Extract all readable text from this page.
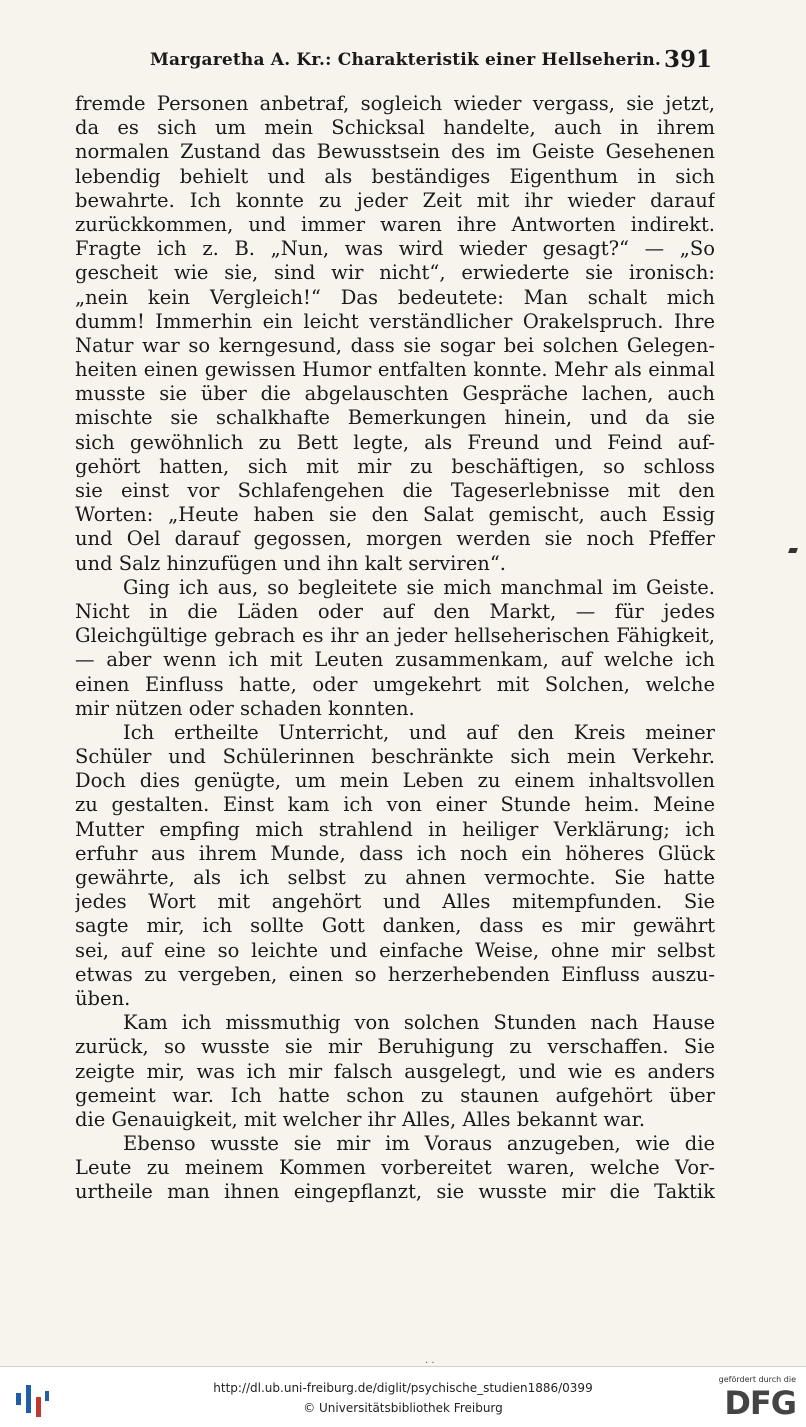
Margaretha A. Kr.: Charakteristik einer Hellseherin. 391
fremde Personen anbetraf, sogleich wieder vergass, sie jetzt,
da es sich um mein Schicksal handelte, auch in ihrem
normalen Zustand das Bewusstsein des im Geiste Gesehenen
lebendig behielt und als beständiges Eigenthum in sich
bewahrte. Ich konnte zu jeder Zeit mit ihr wieder darauf
zurückkommen, und immer waren ihre Antworten indirekt.
Fragte ich z. B. „Nun, was wird wieder gesagt?“ — „So
gescheit wie sie, sind wir nicht“, erwiederte sie ironisch:
„nein kein Vergleich!“ Das bedeutete: Man schalt mich
dumm! Immerhin ein leicht verständlicher Orakelspruch. Ihre
Natur war so kerngesund, dass sie sogar bei solchen Gelegen-
heiten einen gewissen Humor entfalten konnte. Mehr als einmal
musste sie über die abgelauschten Gespräche lachen, auch
mischte sie schalkhafte Bemerkungen hinein, und da sie
sich gewöhnlich zu Bett legte, als Freund und Feind auf-
gehört hatten, sich mit mir zu beschäftigen, so schloss
sie einst vor Schlafengehen die Tageserlebnisse mit den
Worten: „Heute haben sie den Salat gemischt, auch Essig
und Oel darauf gegossen, morgen werden sie noch Pfeffer
und Salz hinzufügen und ihn kalt serviren“.
Ging ich aus, so begleitete sie mich manchmal im Geiste.
Nicht in die Läden oder auf den Markt, — für jedes
Gleichgültige gebrach es ihr an jeder hellseherischen Fähigkeit,
— aber wenn ich mit Leuten zusammenkam, auf welche ich
einen Einfluss hatte, oder umgekehrt mit Solchen, welche
mir nützen oder schaden konnten.
Ich ertheilte Unterricht, und auf den Kreis meiner
Schüler und Schülerinnen beschränkte sich mein Verkehr.
Doch dies genügte, um mein Leben zu einem inhaltsvollen
zu gestalten. Einst kam ich von einer Stunde heim. Meine
Mutter empfing mich strahlend in heiliger Verklärung; ich
erfuhr aus ihrem Munde, dass ich noch ein höheres Glück
gewährte, als ich selbst zu ahnen vermochte. Sie hatte
jedes Wort mit angehört und Alles mitempfunden. Sie
sagte mir, ich sollte Gott danken, dass es mir gewährt
sei, auf eine so leichte und einfache Weise, ohne mir selbst
etwas zu vergeben, einen so herzerhebenden Einfluss auszu-
üben.
Kam ich missmuthig von solchen Stunden nach Hause
zurück, so wusste sie mir Beruhigung zu verschaffen. Sie
zeigte mir, was ich mir falsch ausgelegt, und wie es anders
gemeint war. Ich hatte schon zu staunen aufgehört über
die Genauigkeit, mit welcher ihr Alles, Alles bekannt war.
Ebenso wusste sie mir im Voraus anzugeben, wie die
Leute zu meinem Kommen vorbereitet waren, welche Vor-
urtheile man ihnen eingepflanzt, sie wusste mir die Taktik
. .
http://dl.ub.uni-freiburg.de/diglit/psychische_studien1886/0399
© Universitätsbibliothek Freiburg
gefördert durch die
DFG
